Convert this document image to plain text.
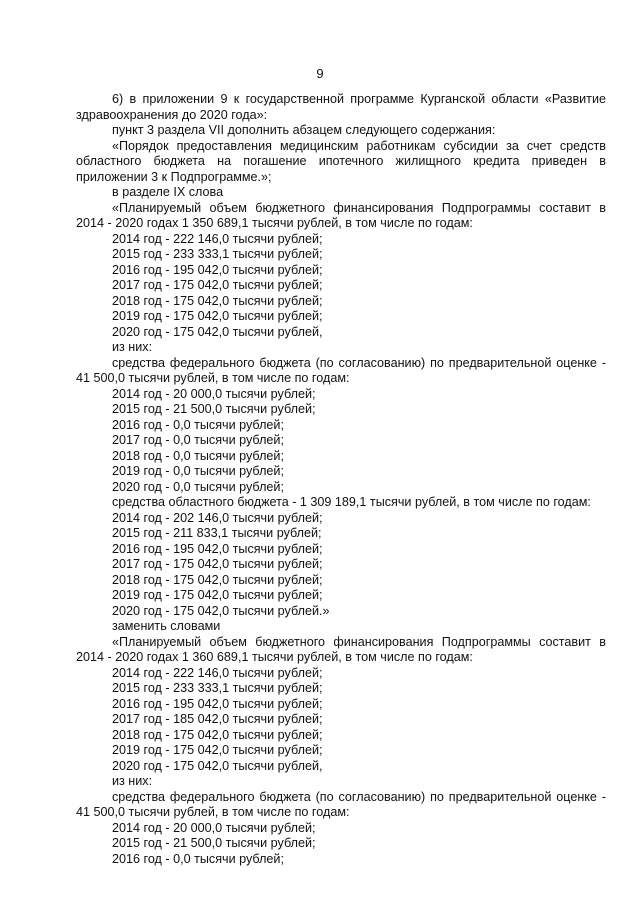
9
6) в приложении 9 к государственной программе Курганской области «Развитие
здравоохранения до 2020 года»:
пункт 3 раздела VII дополнить абзацем следующего содержания:
«Порядок предоставления медицинским работникам субсидии за счет средств
областного бюджета на погашение ипотечного жилищного кредита приведен в
приложении 3 к Подпрограмме.»;
в разделе IX слова
«Планируемый объем бюджетного финансирования Подпрограммы составит в
2014 - 2020 годах 1 350 689,1 тысячи рублей, в том числе по годам:
2014 год - 222 146,0 тысячи рублей;
2015 год - 233 333,1 тысячи рублей;
2016 год - 195 042,0 тысячи рублей;
2017 год - 175 042,0 тысячи рублей;
2018 год - 175 042,0 тысячи рублей;
2019 год - 175 042,0 тысячи рублей;
2020 год - 175 042,0 тысячи рублей,
из них:
средства федерального бюджета (по согласованию) по предварительной оценке -
41 500,0 тысячи рублей, в том числе по годам:
2014 год - 20 000,0 тысячи рублей;
2015 год - 21 500,0 тысячи рублей;
2016 год - 0,0 тысячи рублей;
2017 год - 0,0 тысячи рублей;
2018 год - 0,0 тысячи рублей;
2019 год - 0,0 тысячи рублей;
2020 год - 0,0 тысячи рублей;
средства областного бюджета - 1 309 189,1 тысячи рублей, в том числе по годам:
2014 год - 202 146,0 тысячи рублей;
2015 год - 211 833,1 тысячи рублей;
2016 год - 195 042,0 тысячи рублей;
2017 год - 175 042,0 тысячи рублей;
2018 год - 175 042,0 тысячи рублей;
2019 год - 175 042,0 тысячи рублей;
2020 год - 175 042,0 тысячи рублей.»
заменить словами
«Планируемый объем бюджетного финансирования Подпрограммы составит в
2014 - 2020 годах 1 360 689,1 тысячи рублей, в том числе по годам:
2014 год - 222 146,0 тысячи рублей;
2015 год - 233 333,1 тысячи рублей;
2016 год - 195 042,0 тысячи рублей;
2017 год - 185 042,0 тысячи рублей;
2018 год - 175 042,0 тысячи рублей;
2019 год - 175 042,0 тысячи рублей;
2020 год - 175 042,0 тысячи рублей,
из них:
средства федерального бюджета (по согласованию) по предварительной оценке -
41 500,0 тысячи рублей, в том числе по годам:
2014 год - 20 000,0 тысячи рублей;
2015 год - 21 500,0 тысячи рублей;
2016 год - 0,0 тысячи рублей;
